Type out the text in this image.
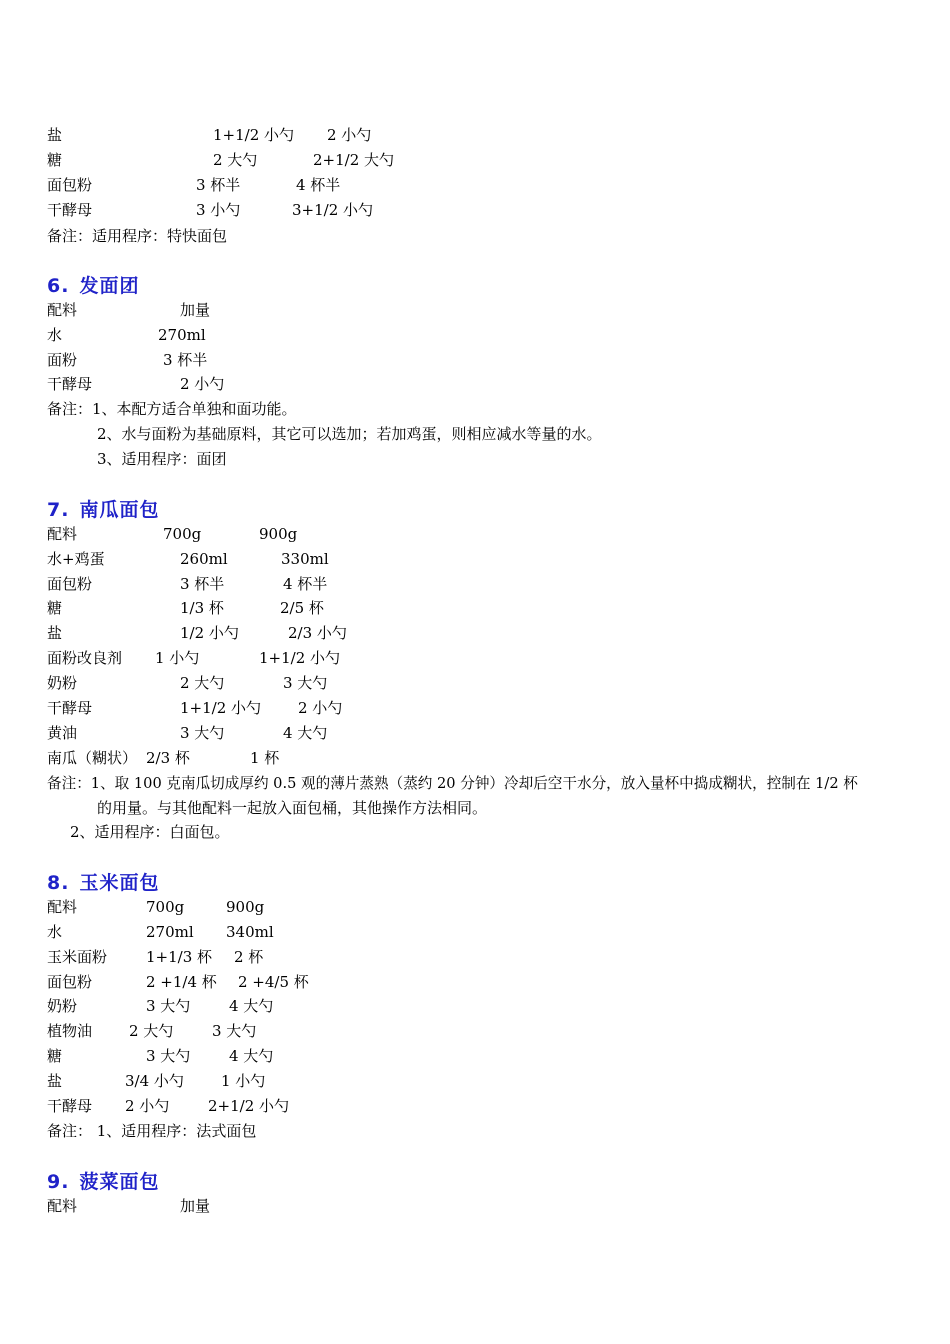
盐	1+1/2 小勺 2 小勺
糖	2 大勺	2+1/2 大勺
面包粉	3 杯半	4 杯半
干酵母	3 小勺	3+1/2 小勺
备注：适用程序：特快面包
6. 发面团
配料	加量
水	270ml
面粉	3 杯半
干酵母	2 小勺
备注：1、本配方适合单独和面功能。
2、水与面粉为基础原料，其它可以选加；若加鸡蛋，则相应减水等量的水。
3、适用程序：面团
7. 南瓜面包
配料	700g	900g
水+鸡蛋	260ml	330ml
面包粉	3 杯半	4 杯半
糖	1/3 杯	2/5 杯
盐	1/2 小勺	2/3 小勺
面粉改良剂 1 小勺	1+1/2 小勺
奶粉	2 大勺	3 大勺
干酵母	1+1/2 小勺 2 小勺
黄油	3 大勺	4 大勺
南瓜（糊状） 2/3 杯	1 杯
备注：1、取 100 克南瓜切成厚约 0.5 观的薄片蒸熟（蒸约 20 分钟）冷却后空干水分，放入量杯中捣成糊状，控制在 1/2 杯
的用量。与其他配料一起放入面包桶，其他操作方法相同。
2、适用程序：白面包。
8. 玉米面包
配料	700g	900g
水	270ml 340ml
玉米面粉	1+1/3 杯 2 杯
面包粉	2 +1/4 杯 2 +4/5 杯
奶粉	3 大勺	4 大勺
植物油 2 大勺	3 大勺
糖	3 大勺	4 大勺
盐	3/4 小勺 1 小勺
干酵母 2 小勺	2+1/2 小勺
备注： 1、适用程序：法式面包
9. 菠菜面包
配料	加量
